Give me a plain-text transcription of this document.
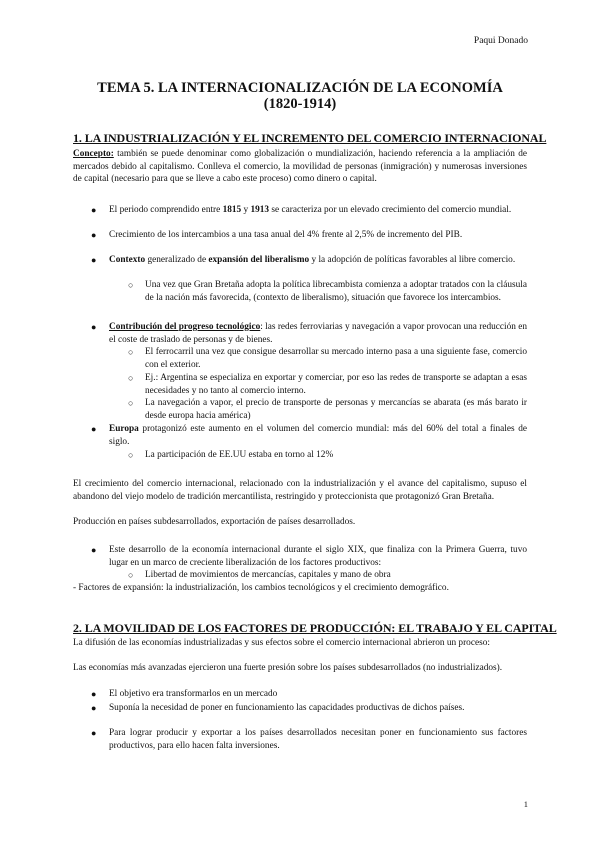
Paqui Donado
TEMA 5. LA INTERNACIONALIZACIÓN DE LA ECONOMÍA
(1820-1914)
1. LA INDUSTRIALIZACIÓN Y EL INCREMENTO DEL COMERCIO INTERNACIONAL
Concepto: también se puede denominar como globalización o mundialización, haciendo referencia a la ampliación de mercados debido al capitalismo. Conlleva el comercio, la movilidad de personas (inmigración) y numerosas inversiones de capital (necesario para que se lleve a cabo este proceso) como dinero o capital.
● El periodo comprendido entre 1815 y 1913 se caracteriza por un elevado crecimiento del comercio mundial.
● Crecimiento de los intercambios a una tasa anual del 4% frente al 2,5% de incremento del PIB.
● Contexto generalizado de expansión del liberalismo y la adopción de políticas favorables al libre comercio.
○ Una vez que Gran Bretaña adopta la política librecambista comienza a adoptar tratados con la cláusula de la nación más favorecida, (contexto de liberalismo), situación que favorece los intercambios.
● Contribución del progreso tecnológico: las redes ferroviarias y navegación a vapor provocan una reducción en el coste de traslado de personas y de bienes.
○ El ferrocarril una vez que consigue desarrollar su mercado interno pasa a una siguiente fase, comercio con el exterior.
○ Ej.: Argentina se especializa en exportar y comerciar, por eso las redes de transporte se adaptan a esas necesidades y no tanto al comercio interno.
○ La navegación a vapor, el precio de transporte de personas y mercancías se abarata (es más barato ir desde europa hacia américa)
● Europa protagonizó este aumento en el volumen del comercio mundial: más del 60% del total a finales de siglo.
○ La participación de EE.UU estaba en torno al 12%
El crecimiento del comercio internacional, relacionado con la industrialización y el avance del capitalismo, supuso el abandono del viejo modelo de tradición mercantilista, restringido y proteccionista que protagonizó Gran Bretaña.
Producción en países subdesarrollados, exportación de países desarrollados.
● Este desarrollo de la economía internacional durante el siglo XIX, que finaliza con la Primera Guerra, tuvo lugar en un marco de creciente liberalización de los factores productivos:
○ Libertad de movimientos de mercancías, capitales y mano de obra
- Factores de expansión: la industrialización, los cambios tecnológicos y el crecimiento demográfico.
2. LA MOVILIDAD DE LOS FACTORES DE PRODUCCIÓN: EL TRABAJO Y EL CAPITAL
La difusión de las economías industrializadas y sus efectos sobre el comercio internacional abrieron un proceso:
Las economías más avanzadas ejercieron una fuerte presión sobre los países subdesarrollados (no industrializados).
● El objetivo era transformarlos en un mercado
● Suponía la necesidad de poner en funcionamiento las capacidades productivas de dichos países.
● Para lograr producir y exportar a los países desarrollados necesitan poner en funcionamiento sus factores productivos, para ello hacen falta inversiones.
1
